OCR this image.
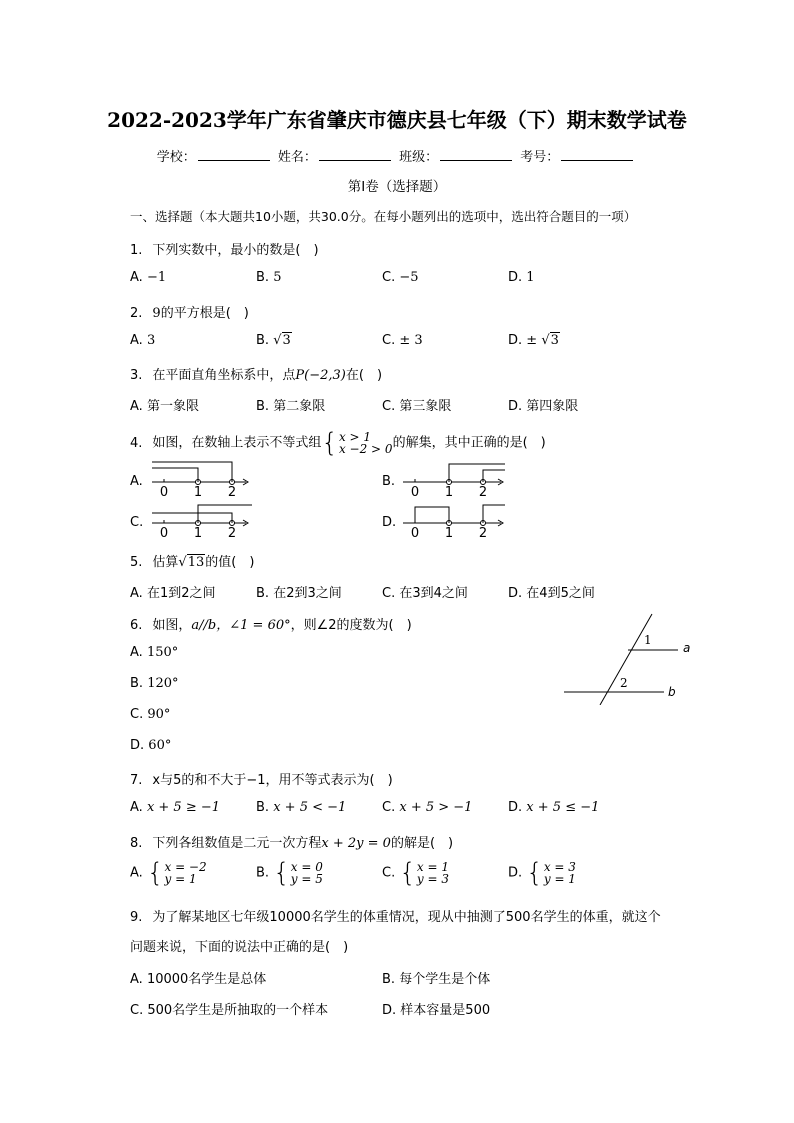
2022-2023学年广东省肇庆市德庆县七年级（下）期末数学试卷
学校：	姓名：	班级：	考号：
第Ⅰ卷（选择题）
一、选择题（本大题共10小题，共30.0分。在每小题列出的选项中，选出符合题目的一项）
1. 下列实数中，最小的数是(　)
A. −1	B. 5	C. −5	D. 1
2. 9的平方根是(　)
A. 3	B. √3	C. ± 3	D. ± √3
3. 在平面直角坐标系中，点P(−2,3)在(　)
A. 第一象限	B. 第二象限	C. 第三象限	D. 第四象限
4. 如图，在数轴上表示不等式组{x > 1
x −2 > 0的解集，其中正确的是(　)
A.
0 1 2
B.
0 1 2
C.
0 1 2
D.
0 1 2
5. 估算√13的值(　)
A. 在1到2之间	B. 在2到3之间	C. 在3到4之间	D. 在4到5之间
6. 如图，a//b，∠1 = 60°，则∠2的度数为(　)
A. 150°
B. 120°
C. 90°
D. 60°
1
2
a
b
7. x与5的和不大于−1，用不等式表示为(　)
A. x + 5 ≥ −1	B. x + 5 < −1	C. x + 5 > −1	D. x + 5 ≤ −1
8. 下列各组数值是二元一次方程x + 2y = 0的解是(　)
A. {x = −2
y = 1	B. {x = 0
y = 5	C. {x = 1
y = 3	D. {x = 3
y = 1
9. 为了解某地区七年级10000名学生的体重情况，现从中抽测了500名学生的体重，就这个
问题来说，下面的说法中正确的是(　)
A. 10000名学生是总体	B. 每个学生是个体
C. 500名学生是所抽取的一个样本	D. 样本容量是500
